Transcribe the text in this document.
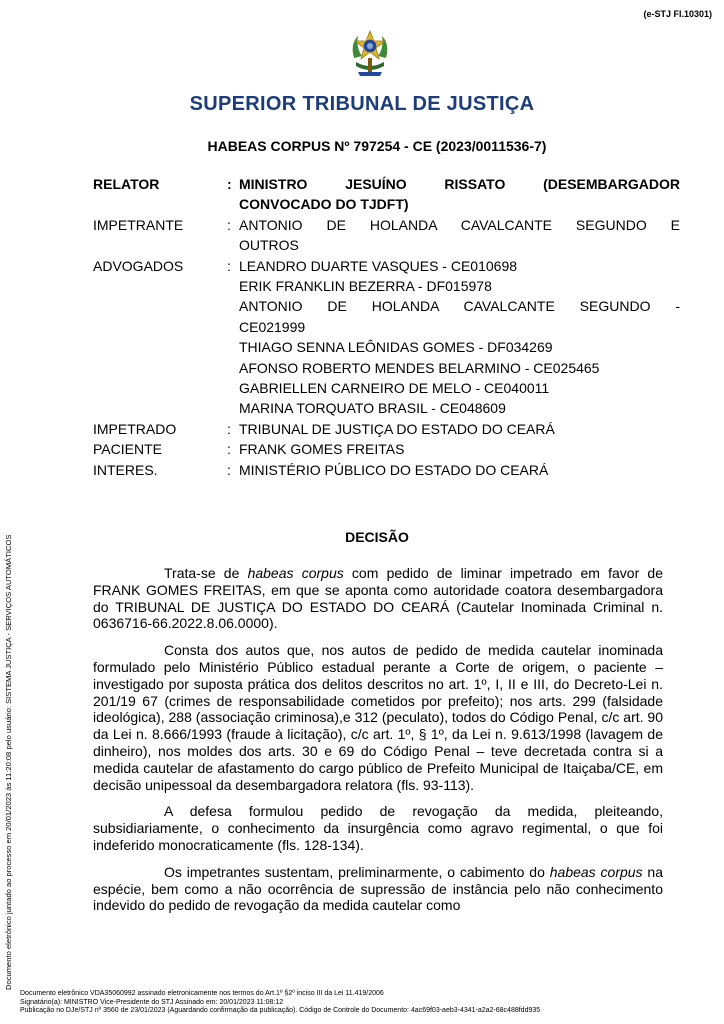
(e-STJ Fl.10301)
SUPERIOR TRIBUNAL DE JUSTIÇA
HABEAS CORPUS Nº 797254 - CE (2023/0011536-7)
RELATOR	: MINISTRO JESUÍNO RISSATO (DESEMBARGADOR
CONVOCADO DO TJDFT)
IMPETRANTE	: ANTONIO DE HOLANDA CAVALCANTE SEGUNDO E
OUTROS
ADVOGADOS	: LEANDRO DUARTE VASQUES - CE010698
ERIK FRANKLIN BEZERRA - DF015978
ANTONIO DE HOLANDA CAVALCANTE SEGUNDO -
CE021999
THIAGO SENNA LEÔNIDAS GOMES - DF034269
AFONSO ROBERTO MENDES BELARMINO - CE025465
GABRIELLEN CARNEIRO DE MELO - CE040011
MARINA TORQUATO BRASIL - CE048609
IMPETRADO	: TRIBUNAL DE JUSTIÇA DO ESTADO DO CEARÁ
PACIENTE	: FRANK GOMES FREITAS
INTERES.	: MINISTÉRIO PÚBLICO DO ESTADO DO CEARÁ
DECISÃO

Trata-se de habeas corpus com pedido de liminar impetrado em favor de FRANK GOMES FREITAS, em que se aponta como autoridade coatora desembargadora do TRIBUNAL DE JUSTIÇA DO ESTADO DO CEARÁ (Cautelar Inominada Criminal n. 0636716-66.2022.8.06.0000).

Consta dos autos que, nos autos de pedido de medida cautelar inominada formulado pelo Ministério Público estadual perante a Corte de origem, o paciente – investigado por suposta prática dos delitos descritos no art. 1º, I, II e III, do Decreto-Lei n. 201/19 67 (crimes de responsabilidade cometidos por prefeito); nos arts. 299 (falsidade ideológica), 288 (associação criminosa),e 312 (peculato), todos do Código Penal, c/c art. 90 da Lei n. 8.666/1993 (fraude à licitação), c/c art. 1º, § 1º, da Lei n. 9.613/1998 (lavagem de dinheiro), nos moldes dos arts. 30 e 69 do Código Penal – teve decretada contra si a medida cautelar de afastamento do cargo público de Prefeito Municipal de Itaiçaba/CE, em decisão unipessoal da desembargadora relatora (fls. 93-113).

A defesa formulou pedido de revogação da medida, pleiteando, subsidiariamente, o conhecimento da insurgência como agravo regimental, o que foi indeferido monocraticamente (fls. 128-134).

Os impetrantes sustentam, preliminarmente, o cabimento do habeas corpus na espécie, bem como a não ocorrência de supressão de instância pelo não conhecimento indevido do pedido de revogação da medida cautelar como

Documento eletrônico juntado ao processo em 20/01/2023 às 11:20:08 pelo usuário: SISTEMA JUSTIÇA - SERVIÇOS AUTOMÁTICOS
Documento eletrônico VDA35060992 assinado eletronicamente nos termos do Art.1º §2º inciso III da Lei 11.419/2006
Signatário(a): MINISTRO Vice-Presidente do STJ Assinado em: 20/01/2023 11:08:12
Publicação no DJe/STJ nº 3560 de 23/01/2023 (Aguardando confirmação da publicação). Código de Controle do Documento: 4ac69f03-aeb3-4341-a2a2-68c488fdd935
